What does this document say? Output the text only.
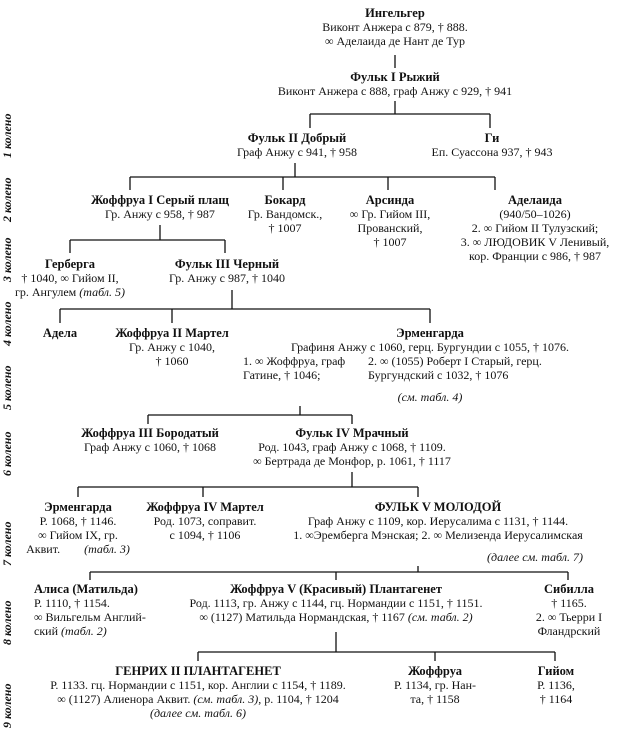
1 колено
2 колено
3 колено
4 колено
5 колено
6 колено
7 колено
8 колено
9 колено
Ингельгер
Виконт Анжера с 879, † 888.
∞ Аделаида де Нант де Тур
Фульк I Рыжий
Виконт Анжера с 888, граф Анжу с 929, † 941
Фульк II Добрый
Граф Анжу с 941, † 958
Ги
Еп. Суассона 937, † 943
Жоффруа I Серый плащ
Гр. Анжу с 958, † 987
Бокард
Гр. Вандомск.,
† 1007
Арсинда
∞ Гр. Гийом III,
Прованский,
† 1007
Аделаида
(940/50–1026)
2. ∞ Гийом II Тулузский;
3. ∞ ЛЮДОВИК V Ленивый,
кор. Франции с 986, † 987
Герберга
† 1040, ∞ Гийом II,
гр. Ангулем (табл. 5)
Фульк III Черный
Гр. Анжу с 987, † 1040
Адела	Жоффруа II Мартел
Гр. Анжу с 1040,
† 1060
Эрменгарда
Графиня Анжу с 1060, герц. Бургундии с 1055, † 1076.
1. ∞ Жоффруа, граф
Гатине, † 1046;
2. ∞ (1055) Роберт I Старый, герц.
Бургундский с 1032, † 1076
(см. табл. 4)
Жоффруа III Бородатый
Граф Анжу с 1060, † 1068
Фульк IV Мрачный
Род. 1043, граф Анжу с 1068, † 1109.
∞ Бертрада де Монфор, р. 1061, † 1117
Эрменгарда
Р. 1068, † 1146.
∞ Гийом IX, гр.
Аквит. (табл. 3)
Жоффруа IV Мартел
Род. 1073, соправит.
с 1094, † 1106
ФУЛЬК V МОЛОДОЙ
Граф Анжу с 1109, кор. Иерусалима с 1131, † 1144.
1. ∞Эремберга Мэнская; 2. ∞ Мелизенда Иерусалимская
(далее см. табл. 7)
Алиса (Матильда)
Р. 1110, † 1154.
∞ Вильгельм Англий-
ский (табл. 2)
Жоффруа V (Красивый) Плантагенет
Род. 1113, гр. Анжу с 1144, гц. Нормандии с 1151, † 1151.
∞ (1127) Матильда Нормандская, † 1167 (см. табл. 2)
Сибилла
† 1165.
2. ∞ Тьерри I
Фландрский
ГЕНРИХ II ПЛАНТАГЕНЕТ
Р. 1133. гц. Нормандии с 1151, кор. Англии с 1154, † 1189.
∞ (1127) Алиенора Аквит. (см. табл. 3), р. 1104, † 1204
(далее см. табл. 6)
Жоффруа
Р. 1134, гр. Нан-
та, † 1158
Гийом
Р. 1136,
† 1164
